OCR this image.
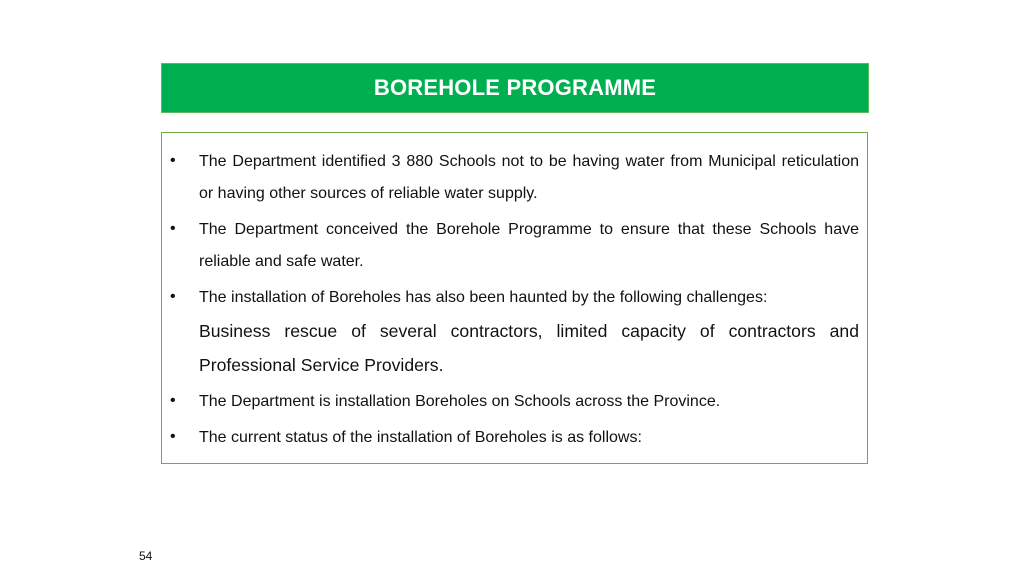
BOREHOLE PROGRAMME
• The Department identified 3 880 Schools not to be having water from Municipal reticulation or having other sources of reliable water supply.
• The Department conceived the Borehole Programme to ensure that these Schools have reliable and safe water.
• The installation of Boreholes has also been haunted by the following challenges:
Business rescue of several contractors, limited capacity of contractors and Professional Service Providers.
• The Department is installation Boreholes on Schools across the Province.
• The current status of the installation of Boreholes is as follows:
54
